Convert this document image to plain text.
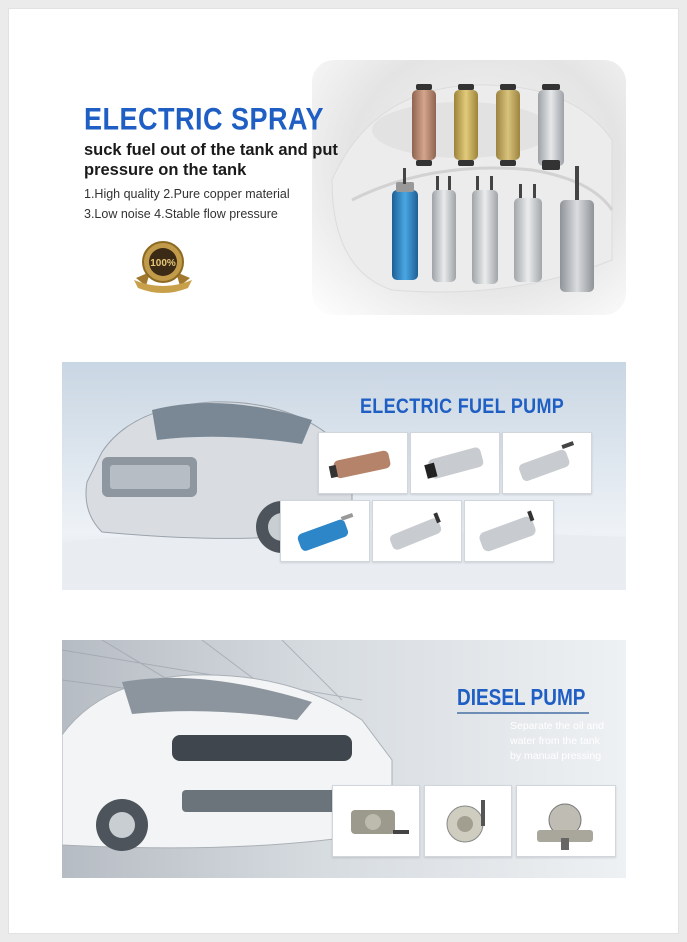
ELECTRIC SPRAY
suck fuel out of the tank and put pressure on the tank
1.High quality 2.Pure copper material
3.Low noise 4.Stable flow pressure
100%
ELECTRIC FUEL PUMP
DIESEL PUMP
Separate the oil and
water from the tank
by manual pressing
